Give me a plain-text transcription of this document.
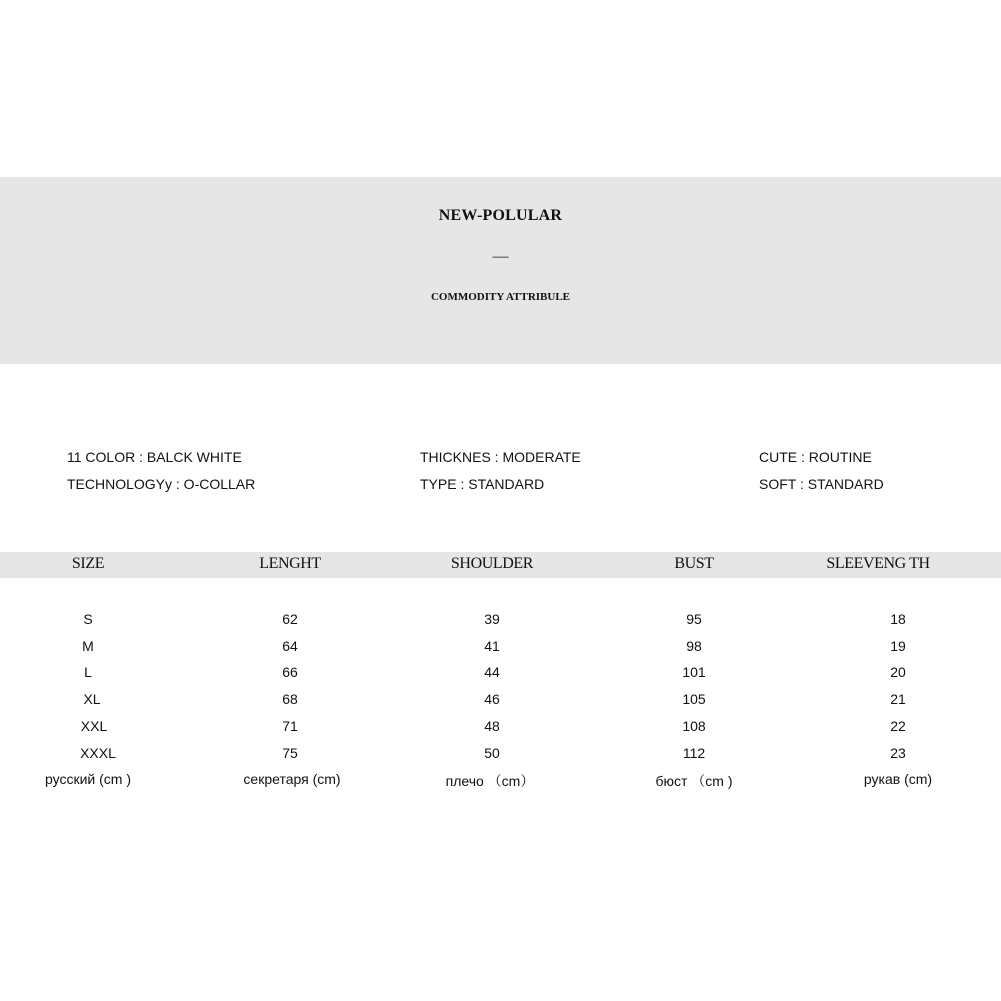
NEW-POLULAR
—
COMMODITY ATTRIBULE
11 COLOR : BALCK WHITE	THICKNES : MODERATE	CUTE : ROUTINE
TECHNOLOGYy : O-COLLAR	TYPE : STANDARD	SOFT : STANDARD
SIZE	LENGHT	SHOULDER	BUST	SLEEVENG TH
S	62	39	95	18
M	64	41	98	19
L	66	44	101	20
XL	68	46	105	21
XXL	71	48	108	22
XXXL	75	50	112	23
русский (cm )	секретаря (cm)	плечо （cm）	бюст （cm )	рукав (cm)
